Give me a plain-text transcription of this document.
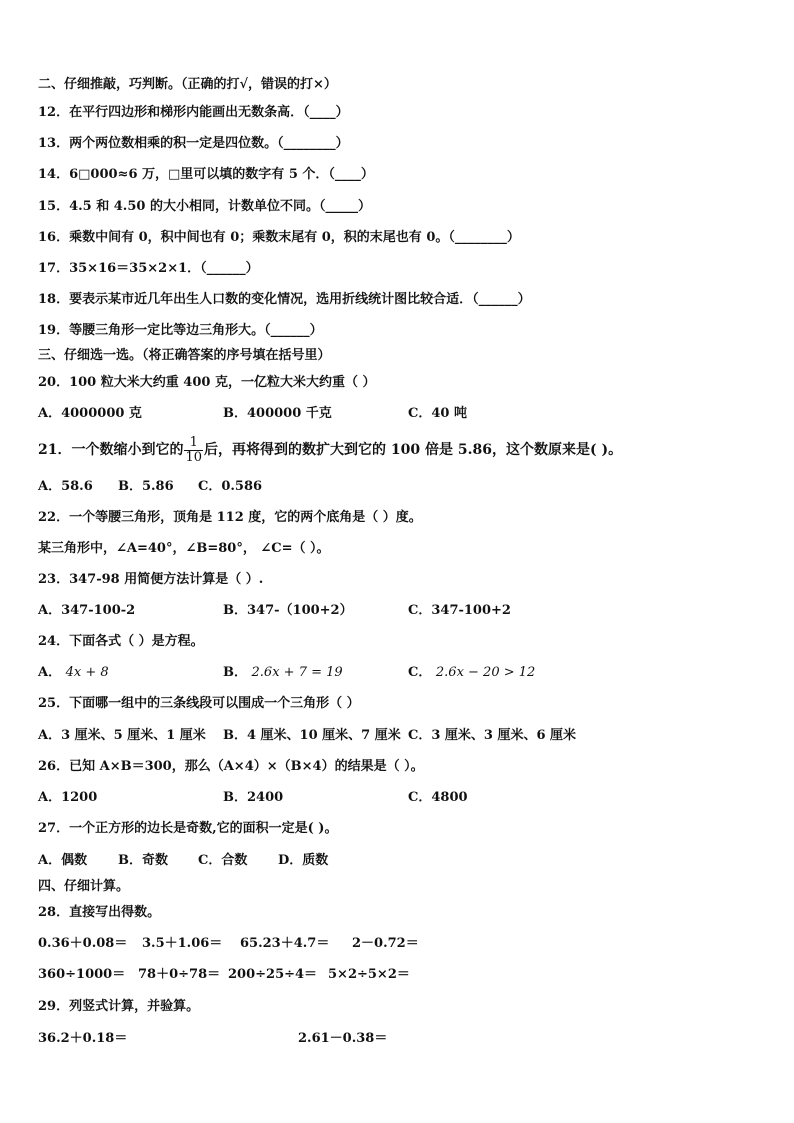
二、仔细推敲，巧判断。（正确的打√，错误的打×）
12．在平行四边形和梯形内能画出无数条高．（____）
13．两个两位数相乘的积一定是四位数。（________）
14．6□000≈6 万，□里可以填的数字有 5 个．（____）
15．4.5 和 4.50 的大小相同，计数单位不同。（_____）
16．乘数中间有 0，积中间也有 0；乘数末尾有 0，积的末尾也有 0。（________）
17．35×16＝35×2×1．（______）
18．要表示某市近几年出生人口数的变化情况，选用折线统计图比较合适．（______）
19．等腰三角形一定比等边三角形大。（______）
三、仔细选一选。（将正确答案的序号填在括号里）
20．100 粒大米大约重 400 克，一亿粒大米大约重（ ）
A．4000000 克	B．400000 千克	C．40 吨
21．一个数缩小到它的 $\frac{1}{10}$ 后，再将得到的数扩大到它的 100 倍是 5.86，这个数原来是( )。
A．58.6 B．5.86 C．0.586
22．一个等腰三角形，顶角是 112 度，它的两个底角是（ ）度。
某三角形中，∠A=40°，∠B=80°， ∠C=（ ）。
23．347-98 用简便方法计算是（ ）.
A．347-100-2	B．347-（100+2）	C．347-100+2
24．下面各式（ ）是方程。
A． 4x + 8	B． 2.6x + 7 = 19	C． 2.6x − 20 > 12
25．下面哪一组中的三条线段可以围成一个三角形（ ）
A．3 厘米、5 厘米、1 厘米 B．4 厘米、10 厘米、7 厘米 C．3 厘米、3 厘米、6 厘米
26．已知 A×B＝300，那么（A×4）×（B×4）的结果是（ ）。
A．1200	B．2400	C．4800
27．一个正方形的边长是奇数,它的面积一定是( )。
A．偶数 B．奇数 C．合数 D．质数
四、仔细计算。
28．直接写出得数。
0.36＋0.08＝ 3.5＋1.06＝ 65.23＋4.7＝ 2－0.72＝
360÷1000＝ 78＋0÷78＝ 200÷25÷4＝ 5×2÷5×2＝
29．列竖式计算，并验算。
36.2＋0.18＝	2.61－0.38＝
